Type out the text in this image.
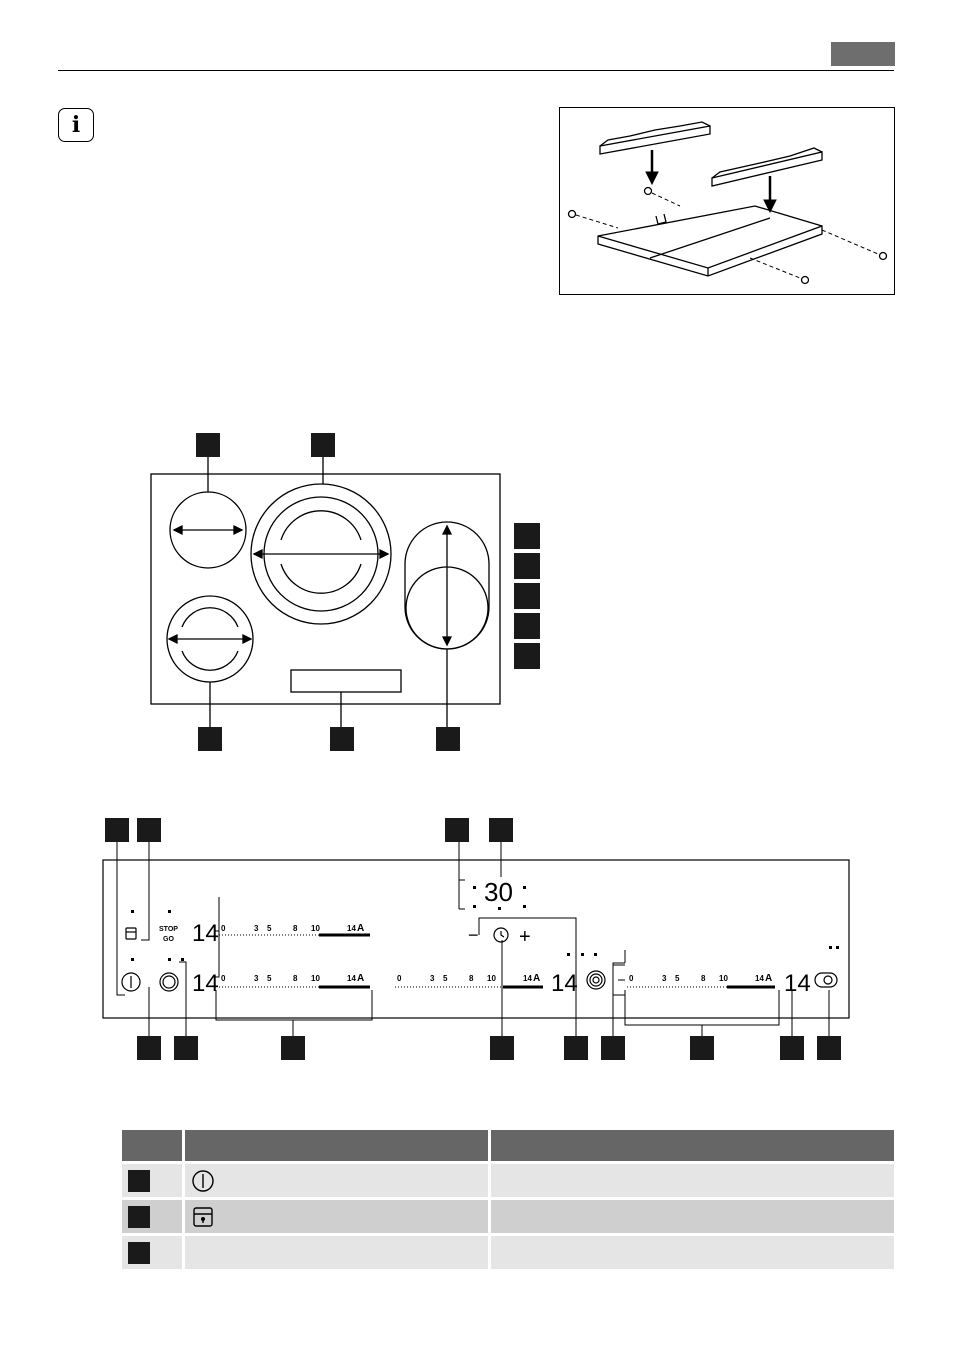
i
STOP
GO 14
14	14	14
30
− +
0	3 5	8 10	14 A
0	3 5	8 10	14 A	0	3 5	8 10	14 A	0	3 5	8 10	14 A
